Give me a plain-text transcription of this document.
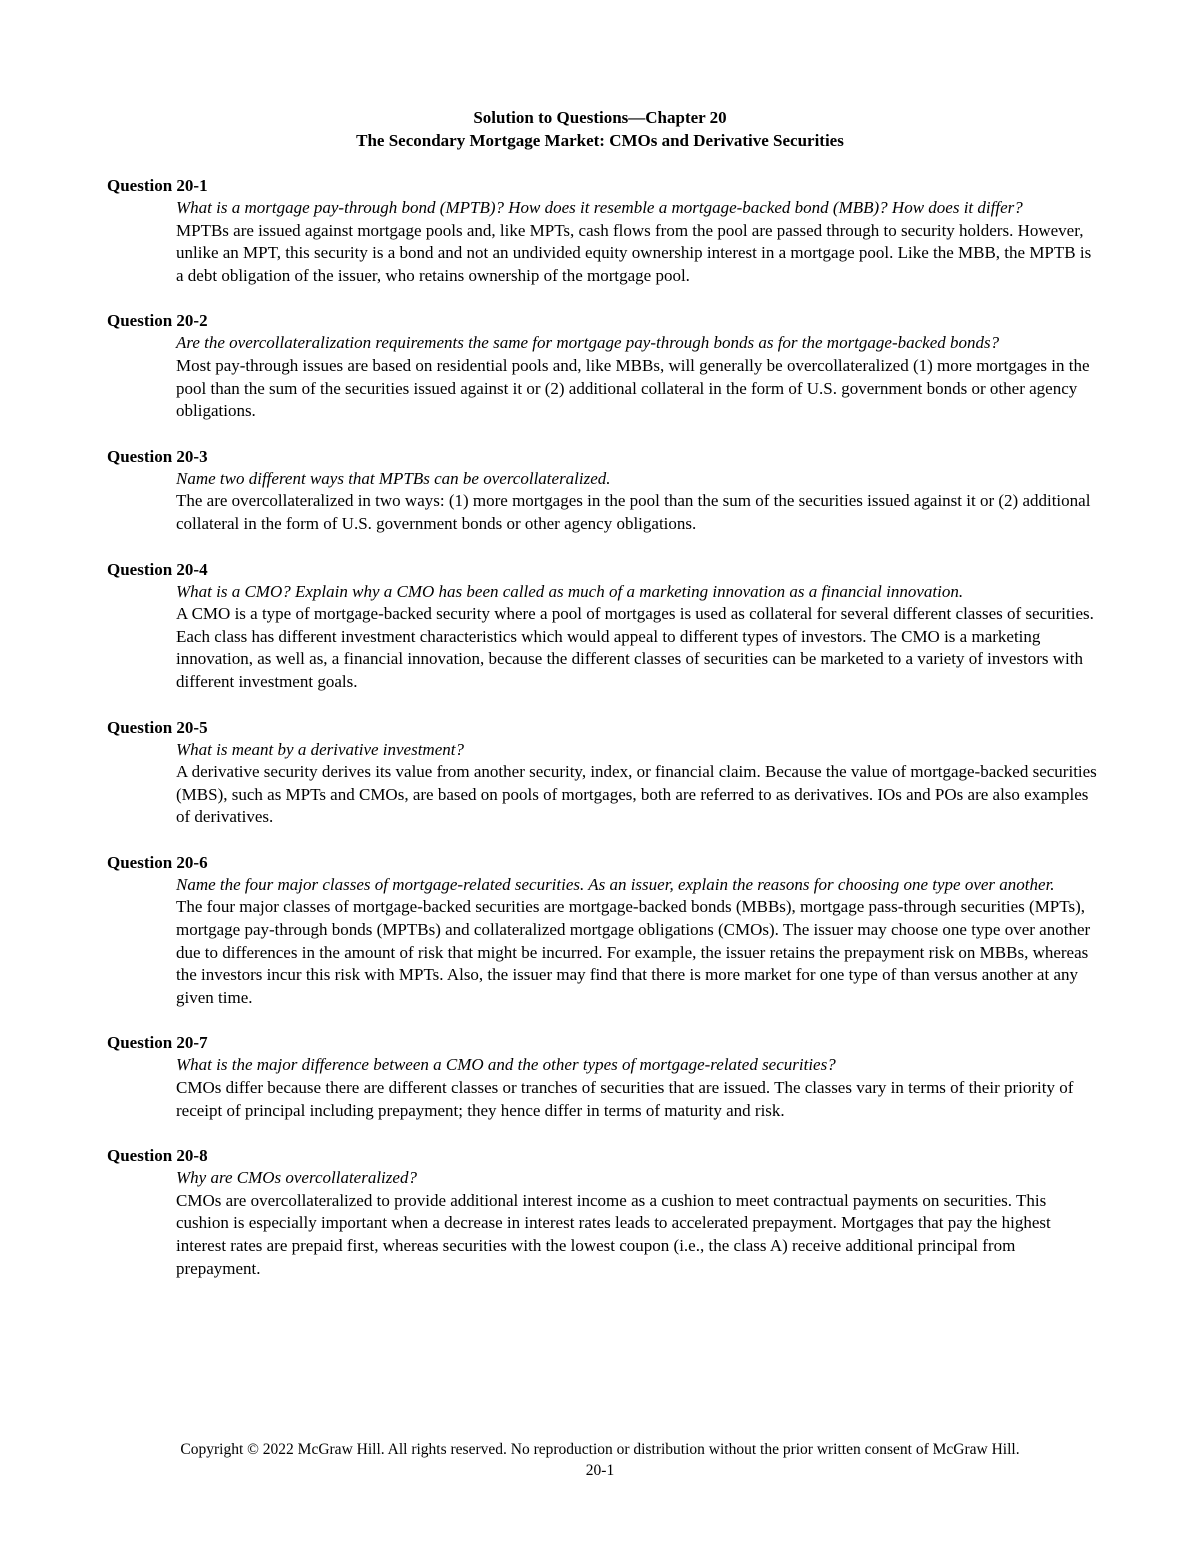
Solution to Questions—Chapter 20
The Secondary Mortgage Market: CMOs and Derivative Securities
Question 20-1
What is a mortgage pay-through bond (MPTB)? How does it resemble a mortgage-backed bond (MBB)? How does it differ?
MPTBs are issued against mortgage pools and, like MPTs, cash flows from the pool are passed through to security holders. However, unlike an MPT, this security is a bond and not an undivided equity ownership interest in a mortgage pool. Like the MBB, the MPTB is a debt obligation of the issuer, who retains ownership of the mortgage pool.
Question 20-2
Are the overcollateralization requirements the same for mortgage pay-through bonds as for the mortgage-backed bonds?
Most pay-through issues are based on residential pools and, like MBBs, will generally be overcollateralized (1) more mortgages in the pool than the sum of the securities issued against it or (2) additional collateral in the form of U.S. government bonds or other agency obligations.
Question 20-3
Name two different ways that MPTBs can be overcollateralized.
The are overcollateralized in two ways: (1) more mortgages in the pool than the sum of the securities issued against it or (2) additional collateral in the form of U.S. government bonds or other agency obligations.
Question 20-4
What is a CMO? Explain why a CMO has been called as much of a marketing innovation as a financial innovation.
A CMO is a type of mortgage-backed security where a pool of mortgages is used as collateral for several different classes of securities. Each class has different investment characteristics which would appeal to different types of investors. The CMO is a marketing innovation, as well as, a financial innovation, because the different classes of securities can be marketed to a variety of investors with different investment goals.
Question 20-5
What is meant by a derivative investment?
A derivative security derives its value from another security, index, or financial claim. Because the value of mortgage-backed securities (MBS), such as MPTs and CMOs, are based on pools of mortgages, both are referred to as derivatives. IOs and POs are also examples of derivatives.
Question 20-6
Name the four major classes of mortgage-related securities. As an issuer, explain the reasons for choosing one type over another.
The four major classes of mortgage-backed securities are mortgage-backed bonds (MBBs), mortgage pass-through securities (MPTs), mortgage pay-through bonds (MPTBs) and collateralized mortgage obligations (CMOs). The issuer may choose one type over another due to differences in the amount of risk that might be incurred. For example, the issuer retains the prepayment risk on MBBs, whereas the investors incur this risk with MPTs. Also, the issuer may find that there is more market for one type of than versus another at any given time.
Question 20-7
What is the major difference between a CMO and the other types of mortgage-related securities?
CMOs differ because there are different classes or tranches of securities that are issued. The classes vary in terms of their priority of receipt of principal including prepayment; they hence differ in terms of maturity and risk.
Question 20-8
Why are CMOs overcollateralized?
CMOs are overcollateralized to provide additional interest income as a cushion to meet contractual payments on securities. This cushion is especially important when a decrease in interest rates leads to accelerated prepayment. Mortgages that pay the highest interest rates are prepaid first, whereas securities with the lowest coupon (i.e., the class A) receive additional principal from prepayment.
Copyright © 2022 McGraw Hill. All rights reserved. No reproduction or distribution without the prior written consent of McGraw Hill.
20-1
